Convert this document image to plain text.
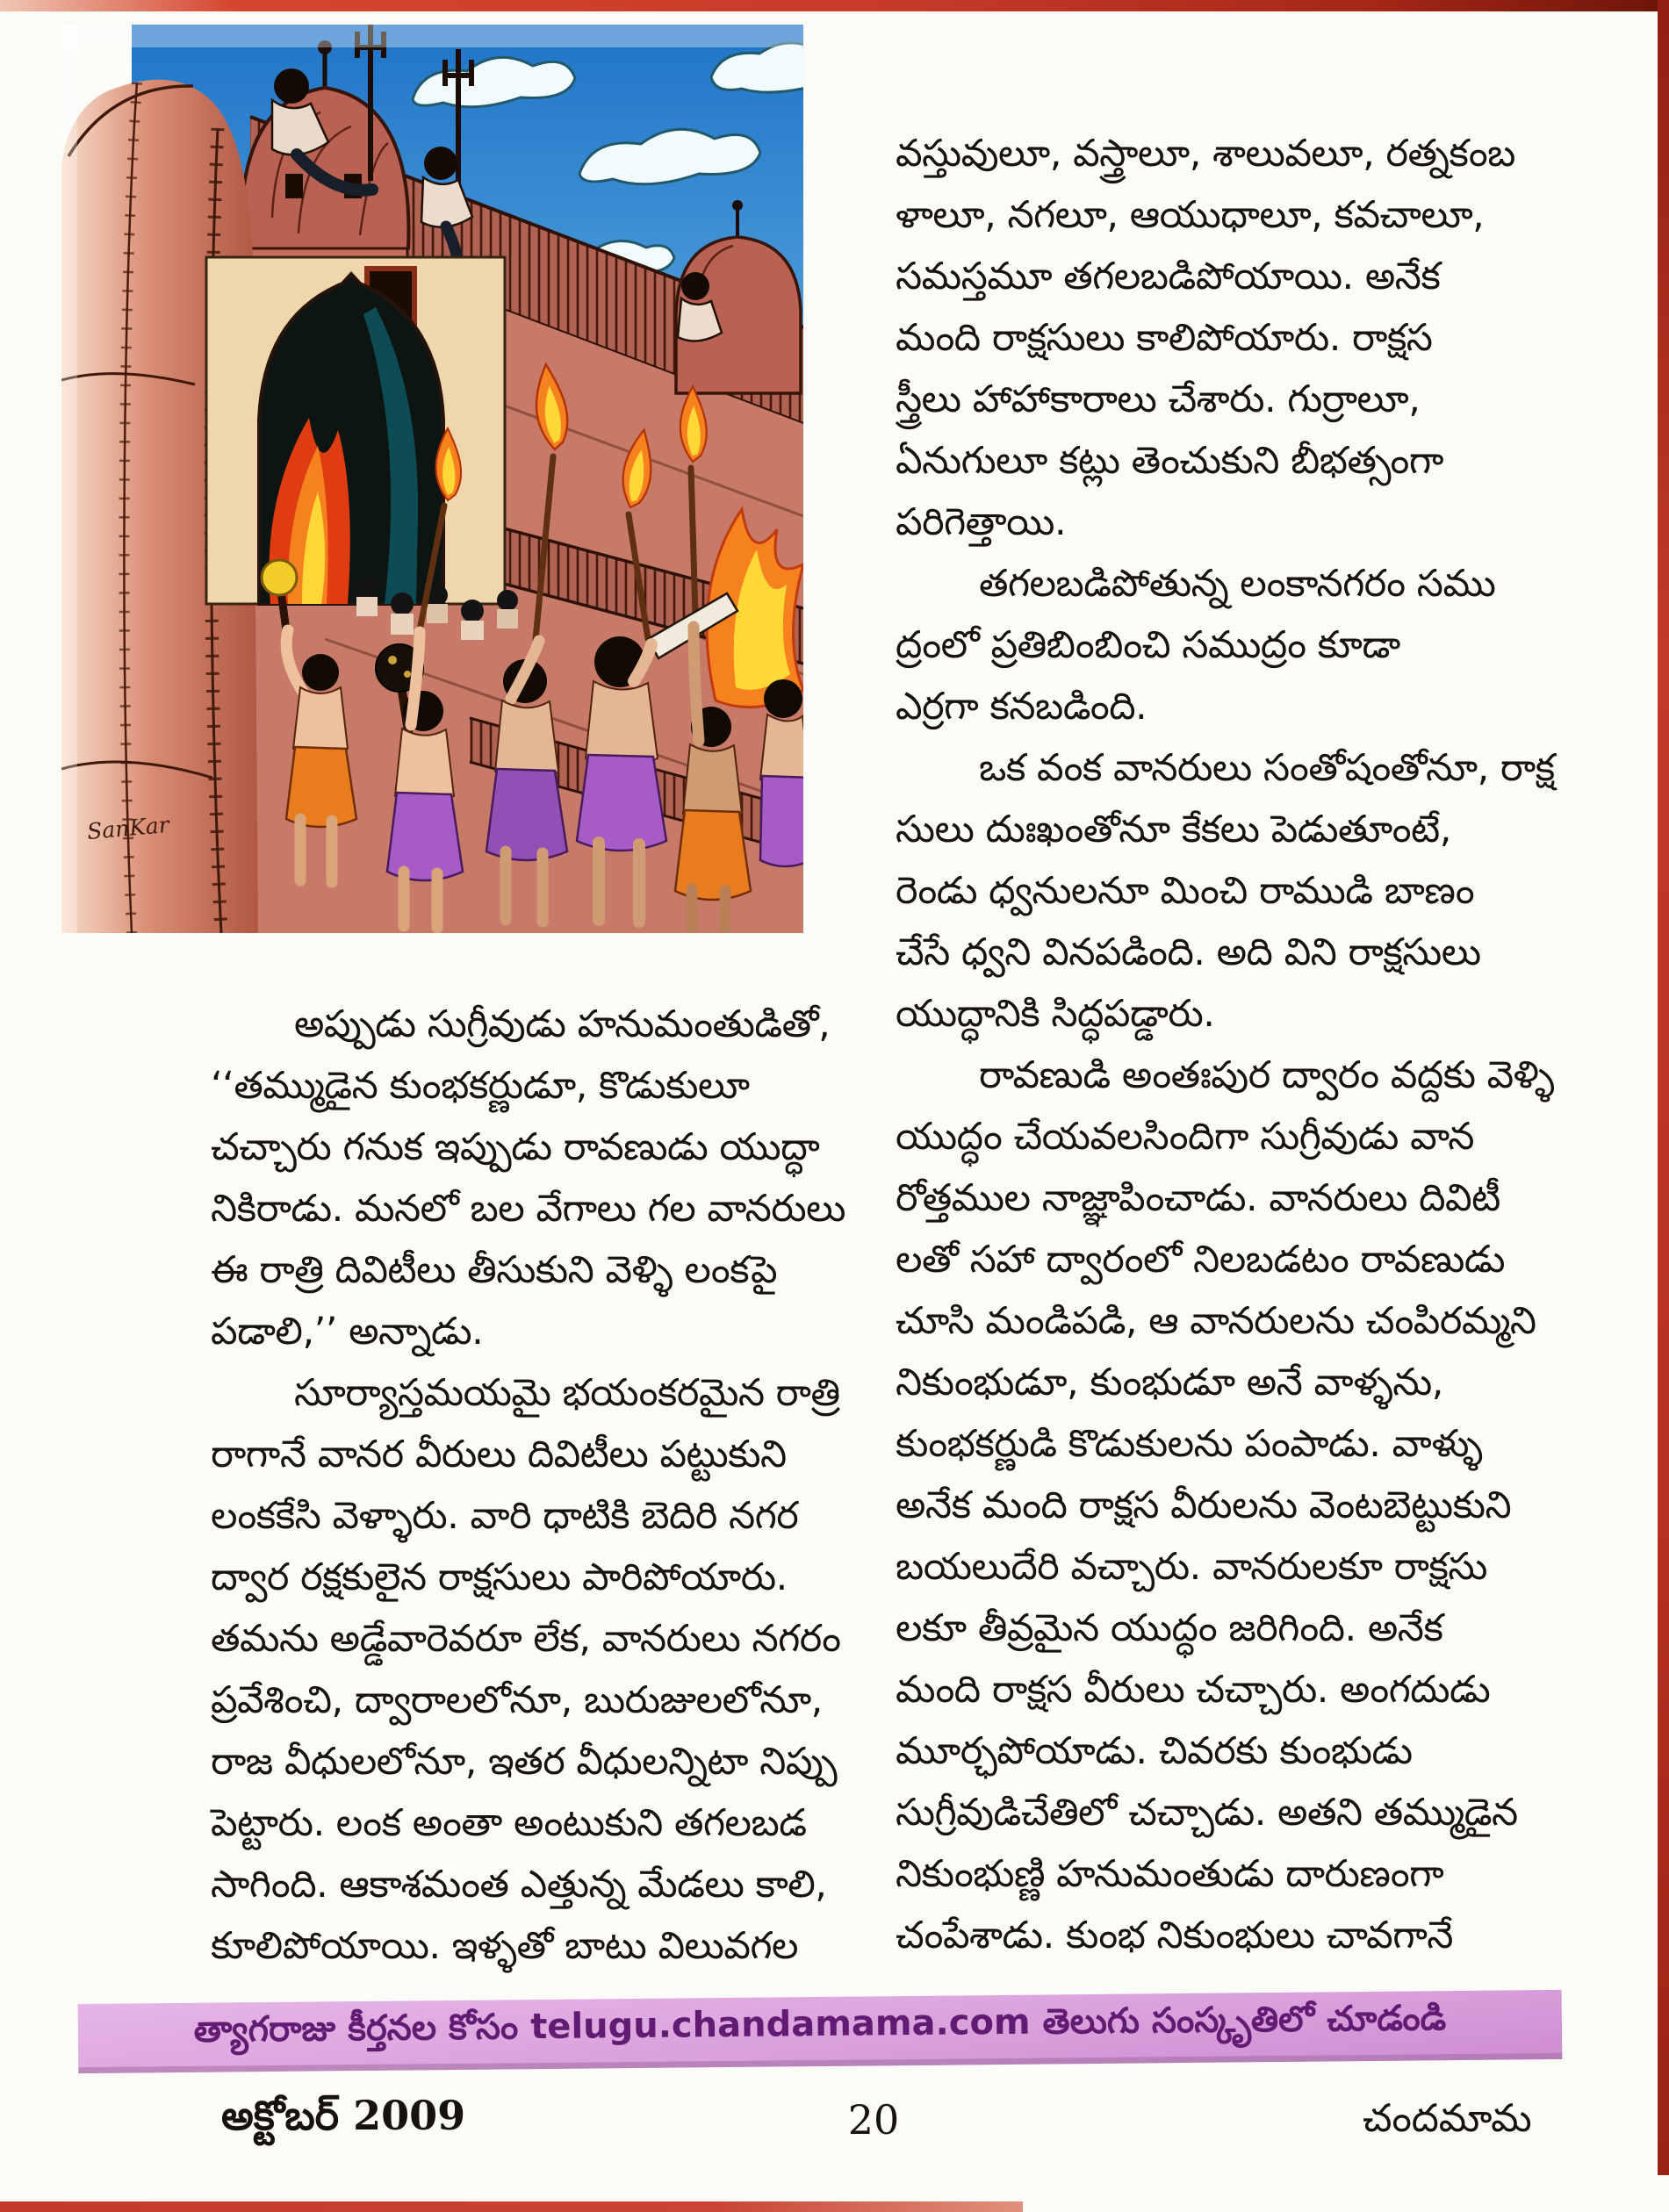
SanKar
అప్పుడు సుగ్రీవుడు హనుమంతుడితో,
‘‘తమ్ముడైన కుంభకర్ణుడూ, కొడుకులూ
చచ్చారు గనుక ఇప్పుడు రావణుడు యుద్ధా
నికిరాడు. మనలో బల వేగాలు గల వానరులు
ఈ రాత్రి దివిటీలు తీసుకుని వెళ్ళి లంకపై
పడాలి,’’ అన్నాడు.
సూర్యాస్తమయమై భయంకరమైన రాత్రి
రాగానే వానర వీరులు దివిటీలు పట్టుకుని
లంకకేసి వెళ్ళారు. వారి ధాటికి బెదిరి నగర
ద్వార రక్షకులైన రాక్షసులు పారిపోయారు.
తమను అడ్డేవారెవరూ లేక, వానరులు నగరం
ప్రవేశించి, ద్వారాలలోనూ, బురుజులలోనూ,
రాజ వీధులలోనూ, ఇతర వీధులన్నిటా నిప్పు
పెట్టారు. లంక అంతా అంటుకుని తగలబడ
సాగింది. ఆకాశమంత ఎత్తున్న మేడలు కాలి,
కూలిపోయాయి. ఇళ్ళతో బాటు విలువగల
వస్తువులూ, వస్త్రాలూ, శాలువలూ, రత్నకంబ
ళాలూ, నగలూ, ఆయుధాలూ, కవచాలూ,
సమస్తమూ తగలబడిపోయాయి. అనేక
మంది రాక్షసులు కాలిపోయారు. రాక్షస
స్త్రీలు హాహాకారాలు చేశారు. గుర్రాలూ,
ఏనుగులూ కట్లు తెంచుకుని బీభత్సంగా
పరిగెత్తాయి.
తగలబడిపోతున్న లంకానగరం సము
ద్రంలో ప్రతిబింబించి సముద్రం కూడా
ఎర్రగా కనబడింది.
ఒక వంక వానరులు సంతోషంతోనూ, రాక్ష
సులు దుఃఖంతోనూ కేకలు పెడుతూంటే,
రెండు ధ్వనులనూ మించి రాముడి బాణం
చేసే ధ్వని వినపడింది. అది విని రాక్షసులు
యుద్ధానికి సిద్ధపడ్డారు.
రావణుడి అంతఃపుర ద్వారం వద్దకు వెళ్ళి
యుద్ధం చేయవలసిందిగా సుగ్రీవుడు వాన
రోత్తముల నాజ్ఞాపించాడు. వానరులు దివిటీ
లతో సహా ద్వారంలో నిలబడటం రావణుడు
చూసి మండిపడి, ఆ వానరులను చంపిరమ్మని
నికుంభుడూ, కుంభుడూ అనే వాళ్ళను,
కుంభకర్ణుడి కొడుకులను పంపాడు. వాళ్ళు
అనేక మంది రాక్షస వీరులను వెంటబెట్టుకుని
బయలుదేరి వచ్చారు. వానరులకూ రాక్షసు
లకూ తీవ్రమైన యుద్ధం జరిగింది. అనేక
మంది రాక్షస వీరులు చచ్చారు. అంగదుడు
మూర్ఛపోయాడు. చివరకు కుంభుడు
సుగ్రీవుడిచేతిలో చచ్చాడు. అతని తమ్ముడైన
నికుంభుణ్ణి హనుమంతుడు దారుణంగా
చంపేశాడు. కుంభ నికుంభులు చావగానే
త్యాగరాజు కీర్తనల కోసం telugu.chandamama.com తెలుగు సంస్కృతిలో చూడండి
అక్టోబర్ 2009	20	చందమామ
